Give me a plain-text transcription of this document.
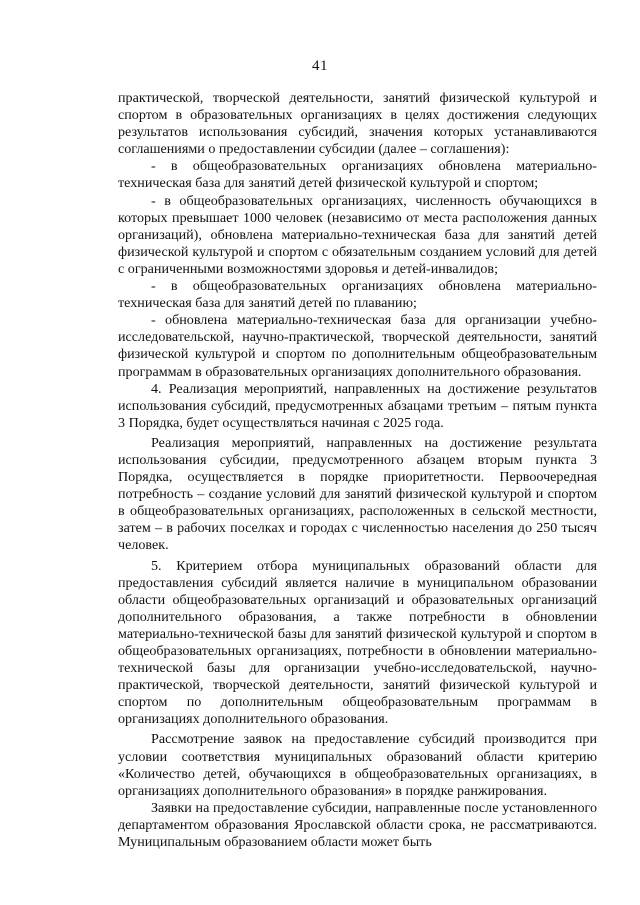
41

практической, творческой деятельности, занятий физической культурой и спортом в образовательных организациях в целях достижения следующих результатов использования субсидий, значения которых устанавливаются соглашениями о предоставлении субсидии (далее – соглашения):

- в общеобразовательных организациях обновлена материально-техническая база для занятий детей физической культурой и спортом;

- в общеобразовательных организациях, численность обучающихся в которых превышает 1000 человек (независимо от места расположения данных организаций), обновлена материально-техническая база для занятий детей физической культурой и спортом с обязательным созданием условий для детей с ограниченными возможностями здоровья и детей-инвалидов;

- в общеобразовательных организациях обновлена материально-техническая база для занятий детей по плаванию;

- обновлена материально-техническая база для организации учебно-исследовательской, научно-практической, творческой деятельности, занятий физической культурой и спортом по дополнительным общеобразовательным программам в образовательных организациях дополнительного образования.

4. Реализация мероприятий, направленных на достижение результатов использования субсидий, предусмотренных абзацами третьим – пятым пункта 3 Порядка, будет осуществляться начиная с 2025 года.

Реализация мероприятий, направленных на достижение результата использования субсидии, предусмотренного абзацем вторым пункта 3 Порядка, осуществляется в порядке приоритетности. Первоочередная потребность – создание условий для занятий физической культурой и спортом в общеобразовательных организациях, расположенных в сельской местности, затем – в рабочих поселках и городах с численностью населения до 250 тысяч человек.

5. Критерием отбора муниципальных образований области для предоставления субсидий является наличие в муниципальном образовании области общеобразовательных организаций и образовательных организаций дополнительного образования, а также потребности в обновлении материально-технической базы для занятий физической культурой и спортом в общеобразовательных организациях, потребности в обновлении материально-технической базы для организации учебно-исследовательской, научно-практической, творческой деятельности, занятий физической культурой и спортом по дополнительным общеобразовательным программам в организациях дополнительного образования.

Рассмотрение заявок на предоставление субсидий производится при условии соответствия муниципальных образований области критерию «Количество детей, обучающихся в общеобразовательных организациях, в организациях дополнительного образования» в порядке ранжирования.

Заявки на предоставление субсидии, направленные после установленного департаментом образования Ярославской области срока, не рассматриваются. Муниципальным образованием области может быть
